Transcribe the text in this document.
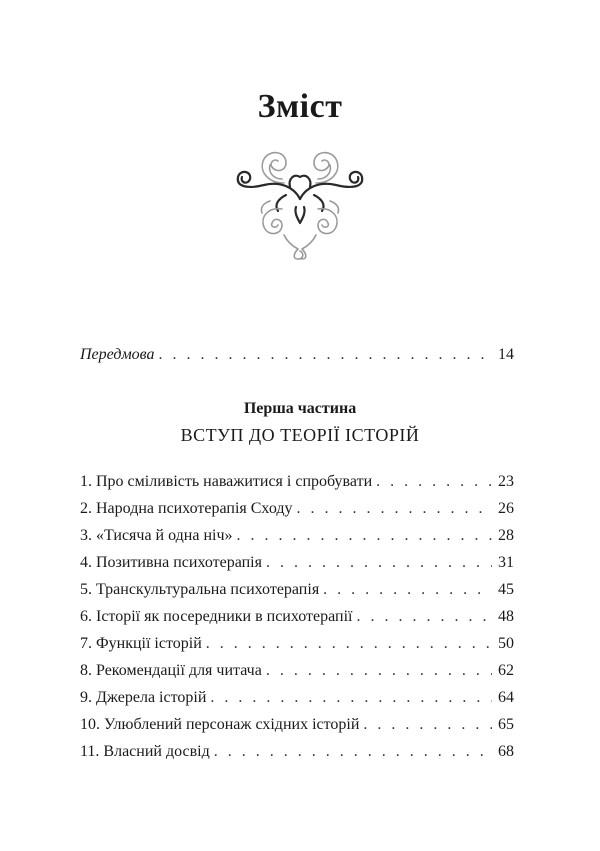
Зміст
Передмова . . .	14
Перша частина
ВСТУП ДО ТЕОРІЇ ІСТОРІЙ
1. Про сміливість наважитися і спробувати . . .	23
2. Народна психотерапія Сходу . . .	26
3. «Тисяча й одна ніч» . . .	28
4. Позитивна психотерапія . . .	31
5. Транскультуральна психотерапія . . .	45
6. Історії як посередники в психотерапії . . .	48
7. Функції історій . . .	50
8. Рекомендації для читача . . .	62
9. Джерела історій . . .	64
10. Улюблений персонаж східних історій . . .	65
11. Власний досвід . . .	68
